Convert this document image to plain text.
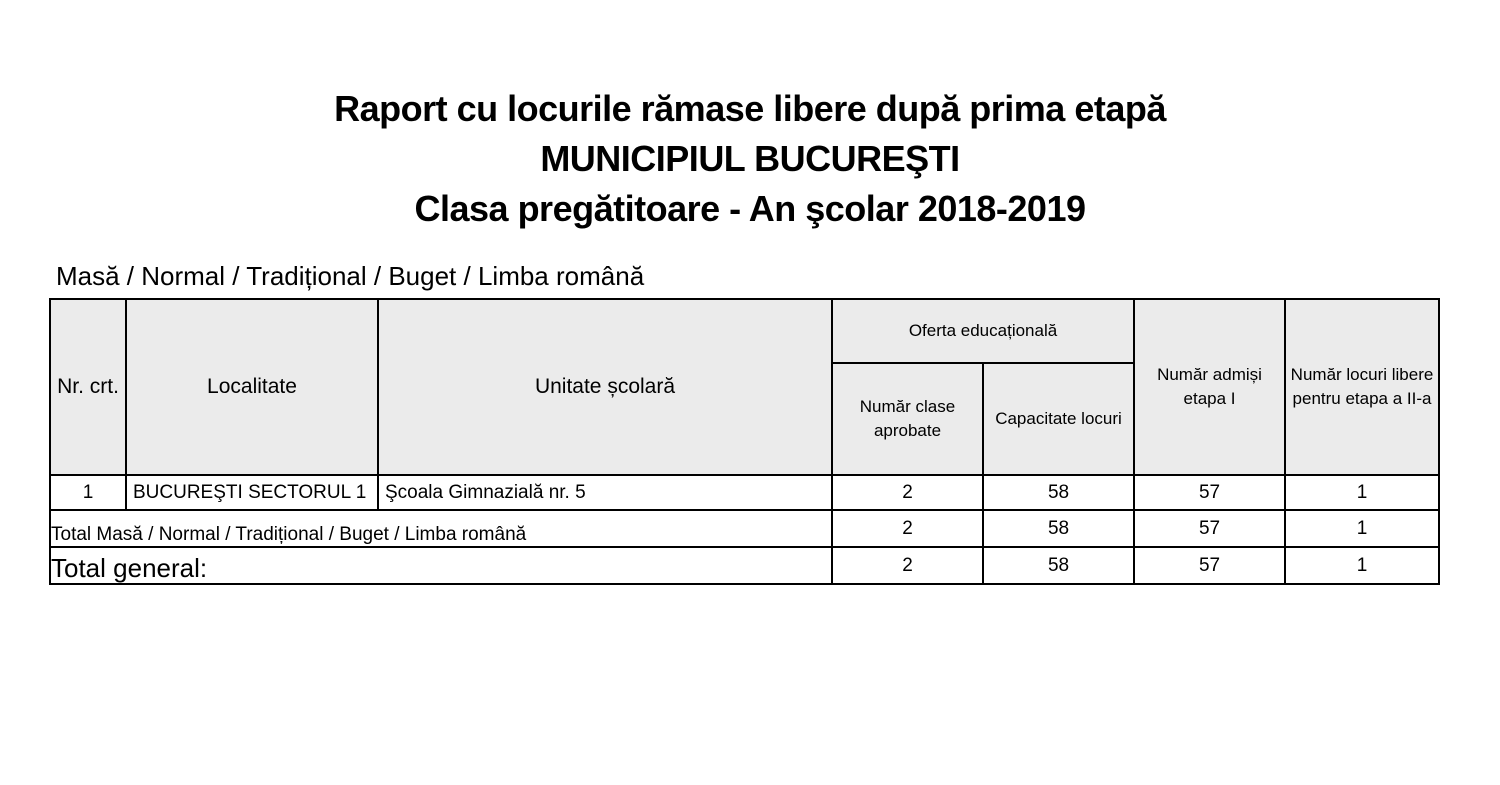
Raport cu locurile rămase libere după prima etapă
MUNICIPIUL BUCUREŞTI
Clasa pregătitoare - An şcolar 2018-2019
Masă / Normal / Tradițional / Buget / Limba română
Nr. crt.	Localitate	Unitate școlară	Oferta educațională		Număr admiși etapa I	Număr locuri libere pentru etapa a II-a
			Număr clase aprobate	Capacitate locuri		
1	BUCUREŞTI SECTORUL 1	Şcoala Gimnazială nr. 5	2	58	57	1
Total Masă / Normal / Tradițional / Buget / Limba română			2	58	57	1
Total general:			2	58	57	1
